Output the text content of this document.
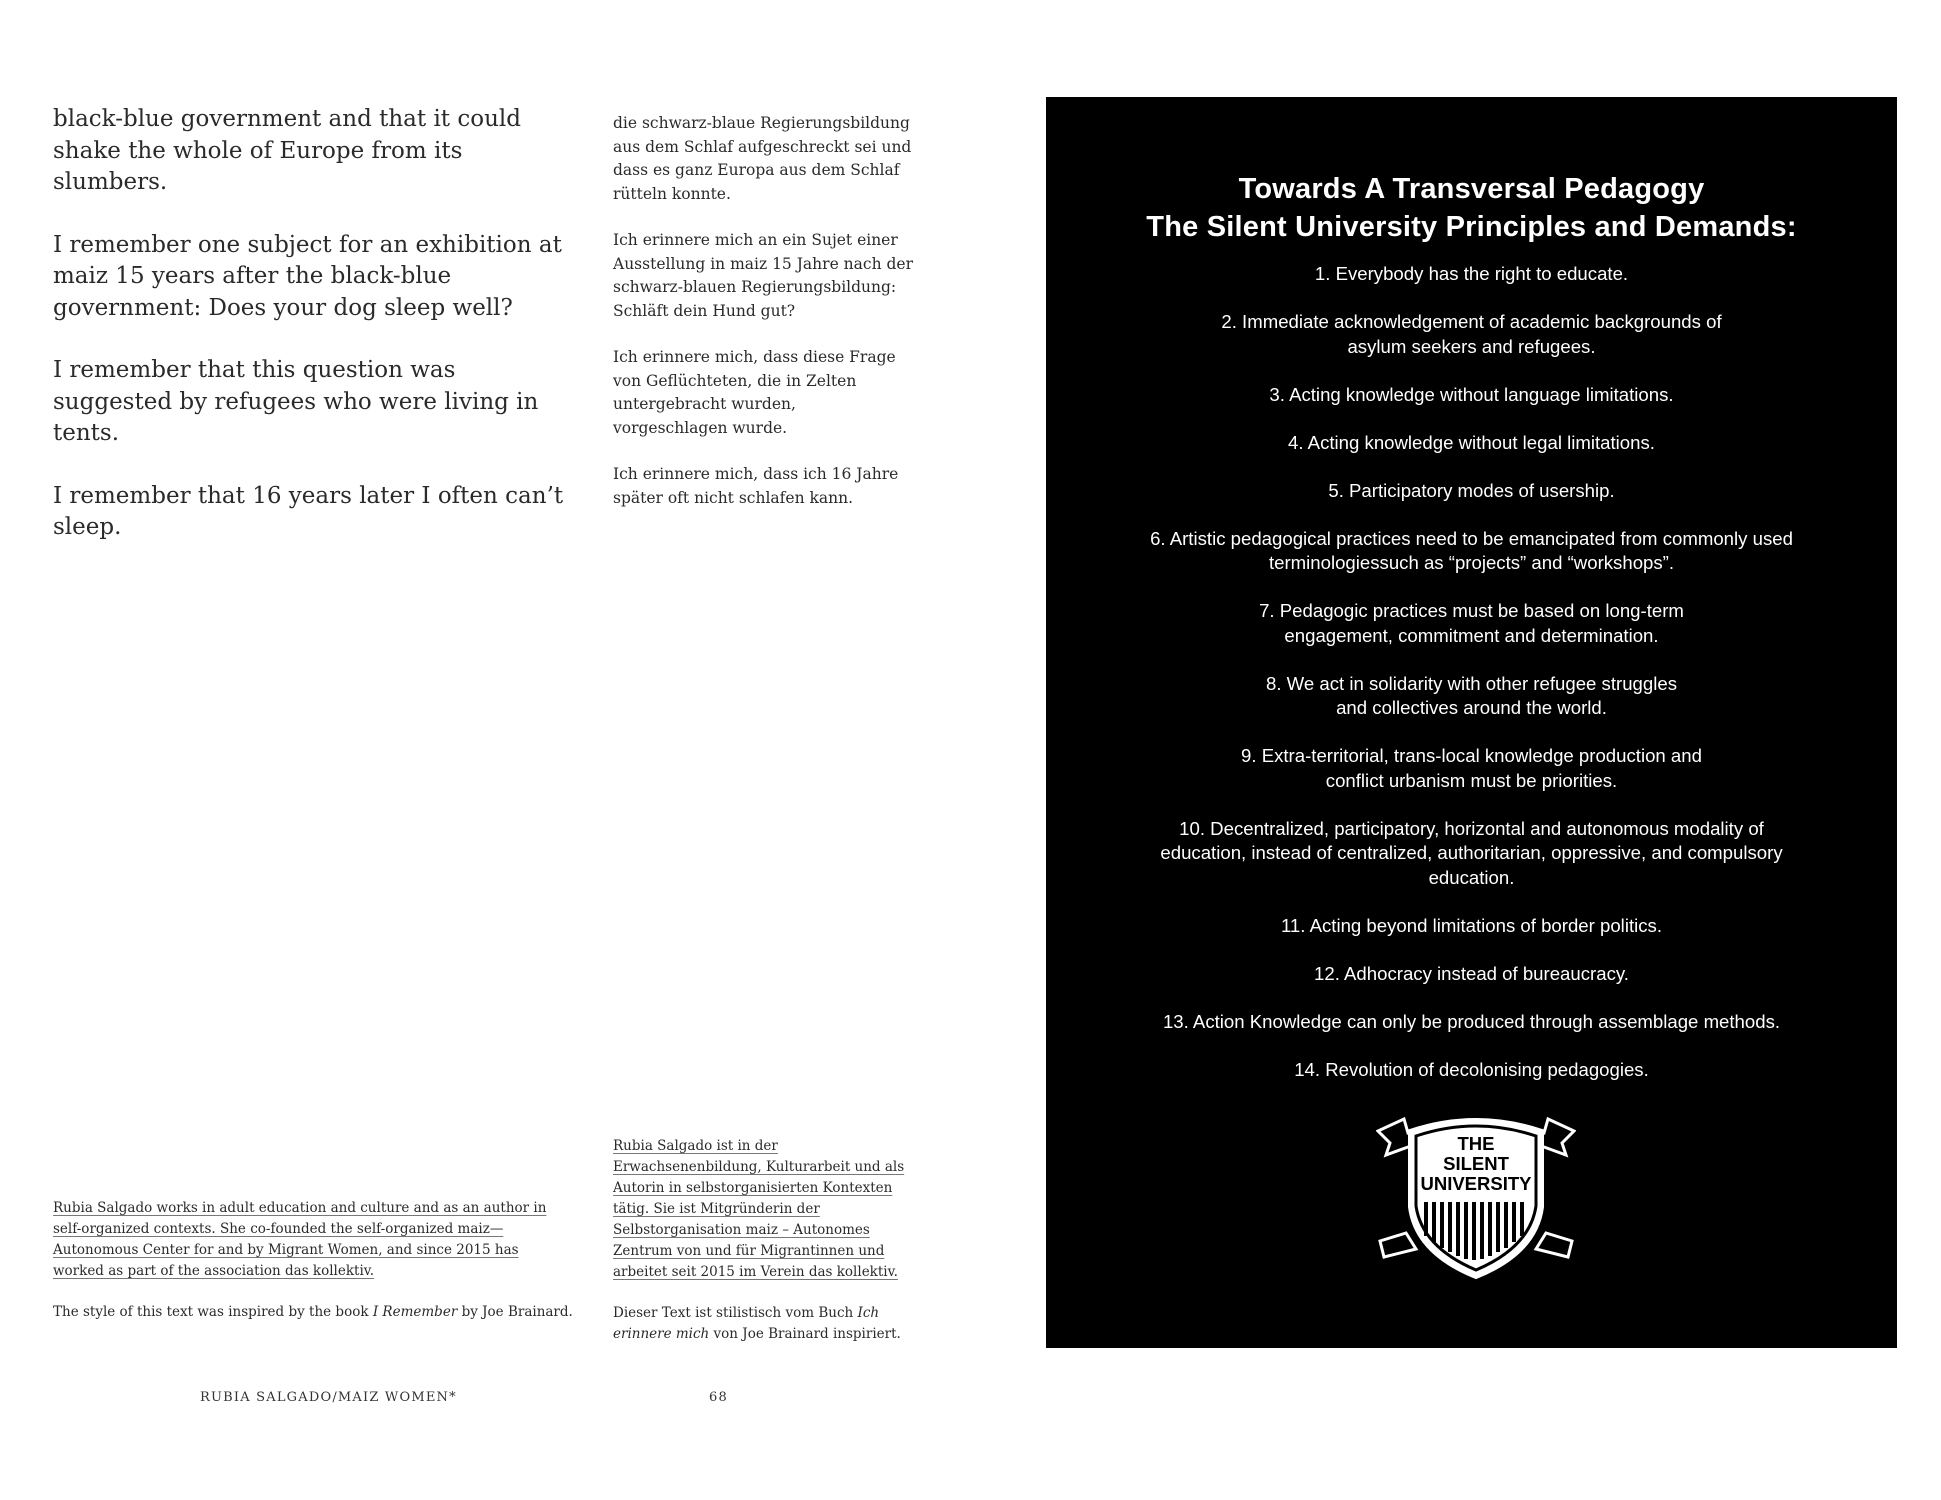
black-blue government and that it could shake the whole of Europe from its slumbers.

I remember one subject for an exhibition at maiz 15 years after the black-blue government: Does your dog sleep well?

I remember that this question was suggested by refugees who were living in tents.

I remember that 16 years later I often can’t sleep.

die schwarz-blaue Regierungsbildung aus dem Schlaf aufgeschreckt sei und dass es ganz Europa aus dem Schlaf rütteln konnte.

Ich erinnere mich an ein Sujet einer Ausstellung in maiz 15 Jahre nach der schwarz-blauen Regierungsbildung: Schläft dein Hund gut?

Ich erinnere mich, dass diese Frage von Geflüchteten, die in Zelten untergebracht wurden, vorgeschlagen wurde.

Ich erinnere mich, dass ich 16 Jahre später oft nicht schlafen kann.

Rubia Salgado works in adult education and culture and as an author in self-organized contexts. She co-founded the self-organized maiz—Autonomous Center for and by Migrant Women, and since 2015 has worked as part of the association das kollektiv.

The style of this text was inspired by the book I Remember by Joe Brainard.

Rubia Salgado ist in der Erwachsenenbildung, Kulturarbeit und als Autorin in selbstorganisierten Kontexten tätig. Sie ist Mitgründerin der Selbstorganisation maiz – Autonomes Zentrum von und für Migrantinnen und arbeitet seit 2015 im Verein das kollektiv.

Dieser Text ist stilistisch vom Buch Ich erinnere mich von Joe Brainard inspiriert.

RUBIA SALGADO/MAIZ WOMEN*	68
Towards A Transversal Pedagogy
The Silent University Principles and Demands:
1. Everybody has the right to educate.
2. Immediate acknowledgement of academic backgrounds of asylum seekers and refugees.
3. Acting knowledge without language limitations.
4. Acting knowledge without legal limitations.
5. Participatory modes of usership.
6. Artistic pedagogical practices need to be emancipated from commonly used terminologiessuch as “projects” and “workshops”.
7. Pedagogic practices must be based on long-term engagement, commitment and determination.
8. We act in solidarity with other refugee struggles and collectives around the world.
9. Extra-territorial, trans-local knowledge production and conflict urbanism must be priorities.
10. Decentralized, participatory, horizontal and autonomous modality of education, instead of centralized, authoritarian, oppressive, and compulsory education.
11. Acting beyond limitations of border politics.
12. Adhocracy instead of bureaucracy.
13. Action Knowledge can only be produced through assemblage methods.
14. Revolution of decolonising pedagogies.
THE
SILENT
UNIVERSITY
